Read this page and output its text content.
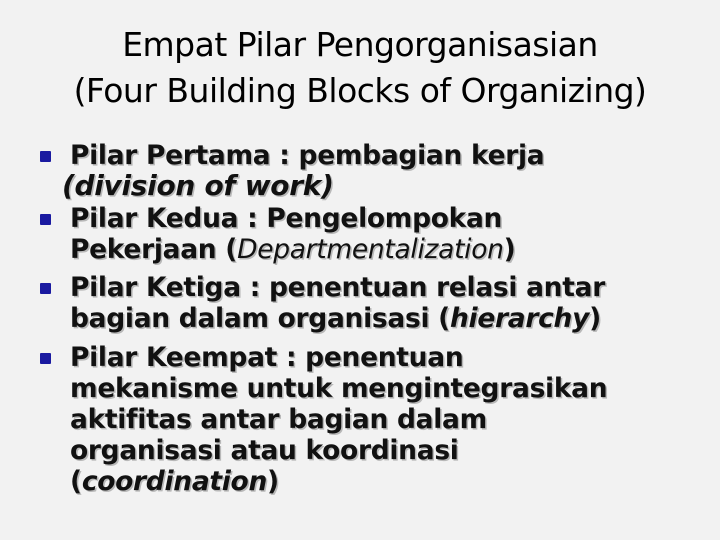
Empat Pilar Pengorganisasian
(Four Building Blocks of Organizing)
Pilar Pertama : pembagian kerja
(division of work)
Pilar Kedua : Pengelompokan
Pekerjaan (Departmentalization)
Pilar Ketiga : penentuan relasi antar
bagian dalam organisasi (hierarchy)
Pilar Keempat : penentuan
mekanisme untuk mengintegrasikan
aktifitas antar bagian dalam
organisasi atau koordinasi
(coordination)
